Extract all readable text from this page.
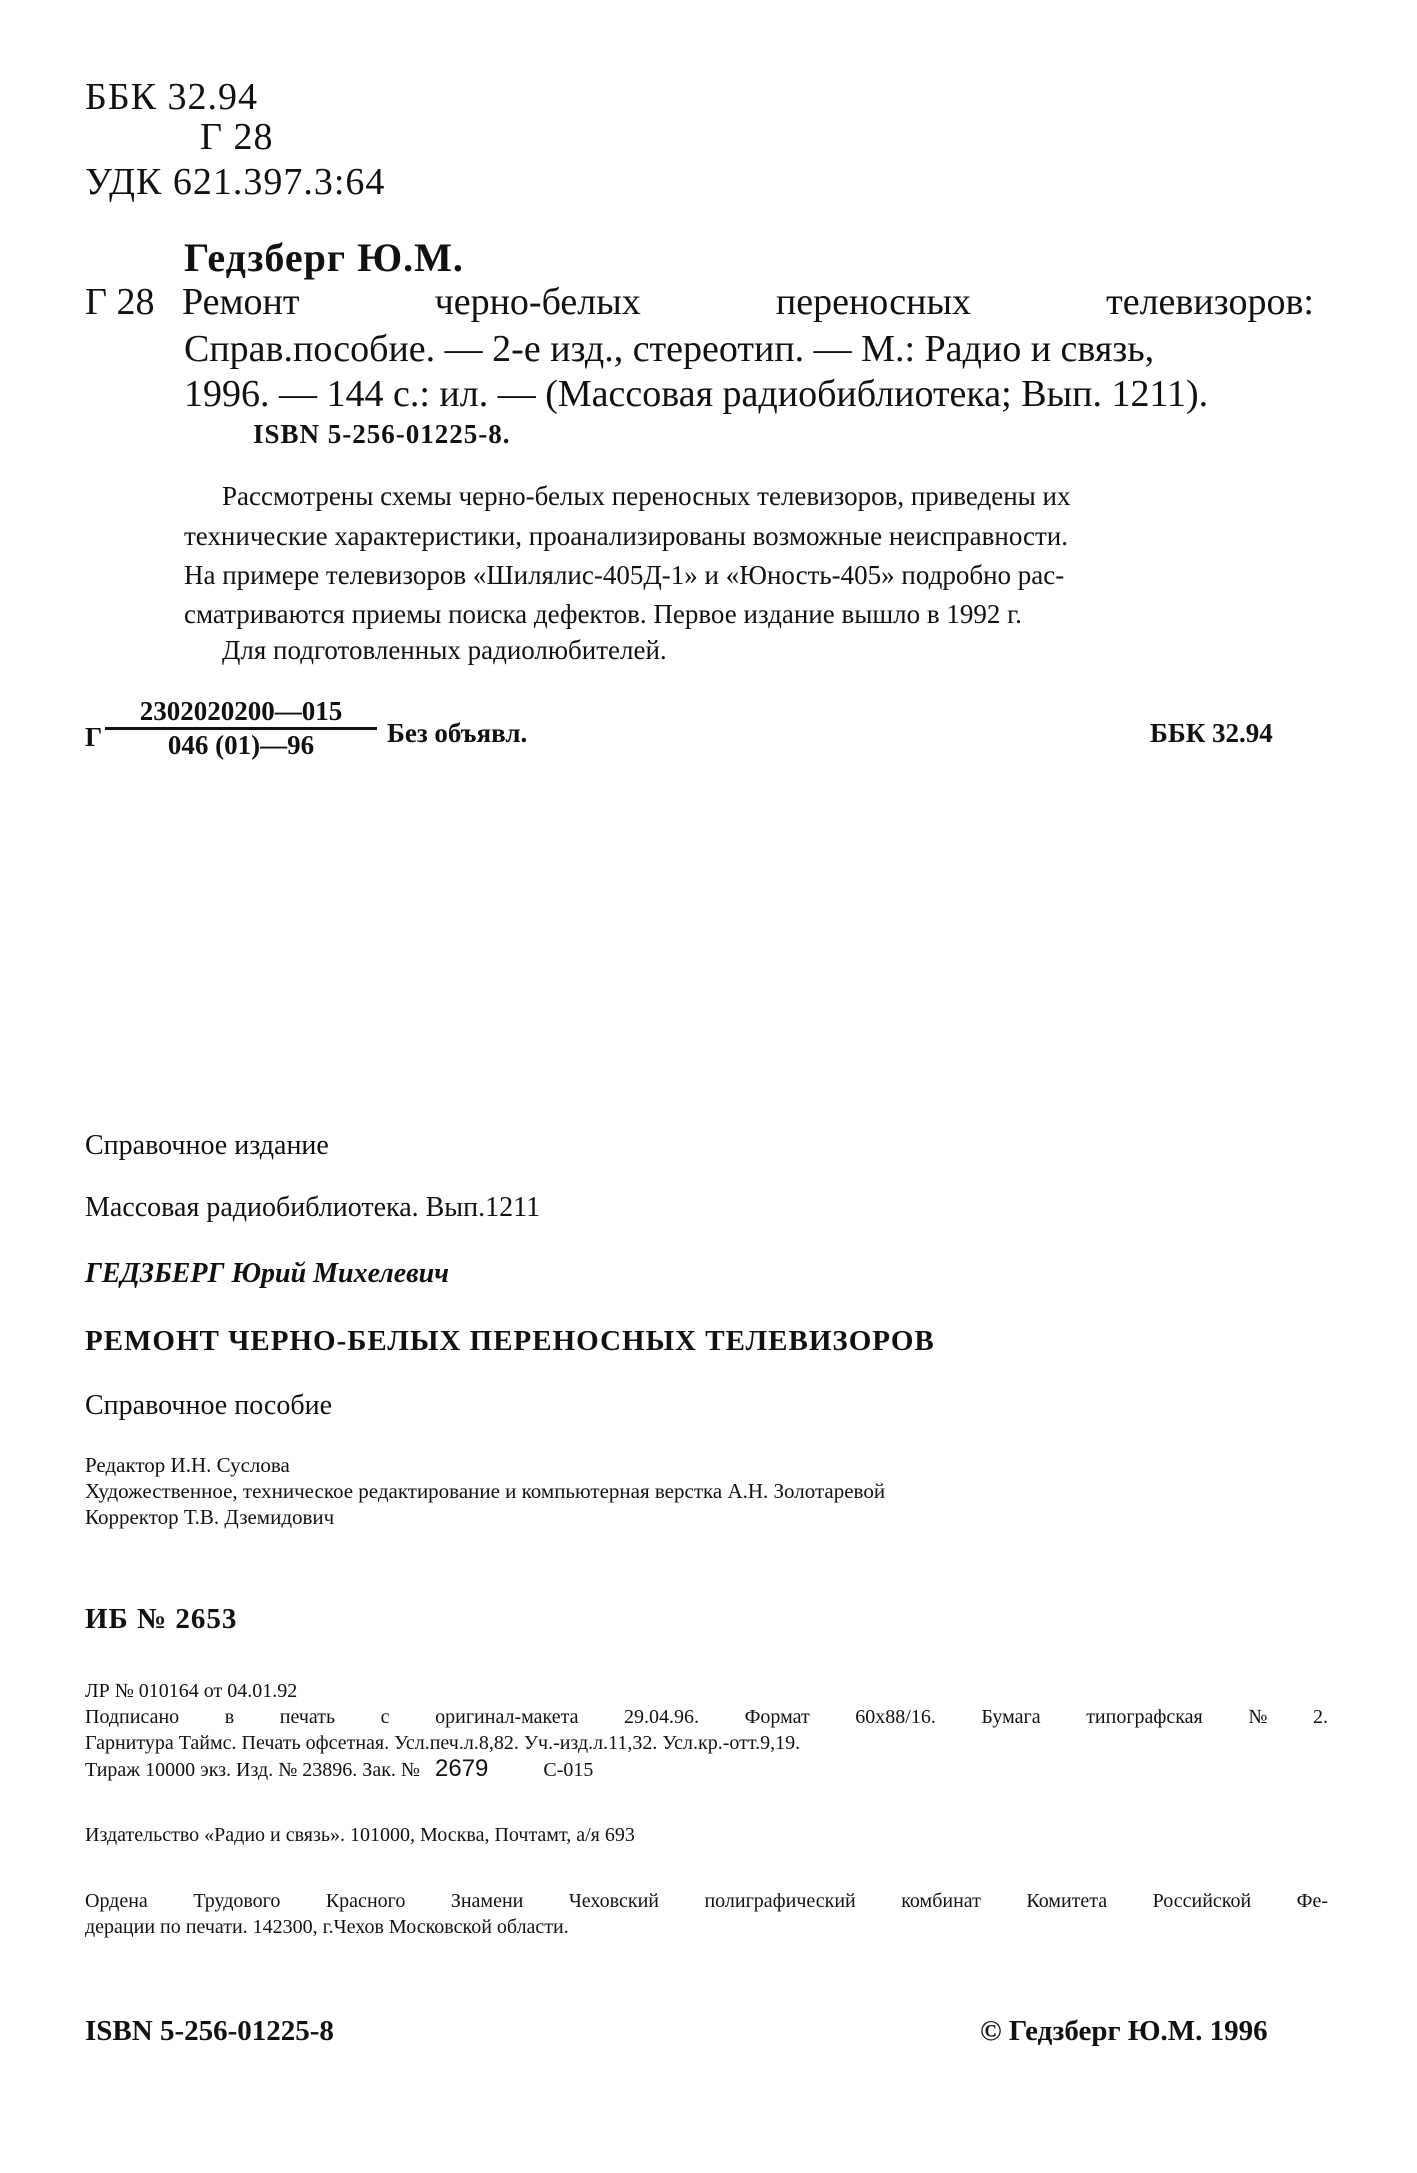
ББК 32.94
Г 28
УДК 621.397.3:64
Гедзберг Ю.М.
Г 28 Ремонт	черно-белых	переносных	телевизоров:
Справ.пособие. — 2-е изд., стереотип. — М.: Радио и связь,
1996. — 144 с.: ил. — (Массовая радиобиблиотека; Вып. 1211).
ISBN 5-256-01225-8.
Рассмотрены схемы черно-белых переносных телевизоров, приведены их
технические характеристики, проанализированы возможные неисправности.
На примере телевизоров «Шилялис-405Д-1» и «Юность-405» подробно рас-
сматриваются приемы поиска дефектов. Первое издание вышло в 1992 г.
Для подготовленных радиолюбителей.
Г
2302020200—015
046 (01)—96	Без объявл.	ББК 32.94
Справочное издание
Массовая радиобиблиотека. Вып.1211
ГЕДЗБЕРГ Юрий Михелевич
РЕМОНТ ЧЕРНО-БЕЛЫХ ПЕРЕНОСНЫХ ТЕЛЕВИЗОРОВ
Справочное пособие
Редактор И.Н. Суслова
Художественное, техническое редактирование и компьютерная верстка А.Н. Золотаревой
Корректор Т.В. Дземидович
ИБ № 2653
ЛР № 010164 от 04.01.92
Подписано в печать с оригинал-макета 29.04.96. Формат 60x88/16. Бумага типографская № 2.
Гарнитура Таймс. Печать офсетная. Усл.печ.л.8,82. Уч.-изд.л.11,32. Усл.кр.-отт.9,19.
Тираж 10000 экз. Изд. № 23896. Зак. № 2679	С-015
Издательство «Радио и связь». 101000, Москва, Почтамт, а/я 693
Ордена Трудового Красного Знамени Чеховский полиграфический комбинат Комитета Российской Фе-
дерации по печати. 142300, г.Чехов Московской области.
ISBN 5-256-01225-8	© Гедзберг Ю.М. 1996
